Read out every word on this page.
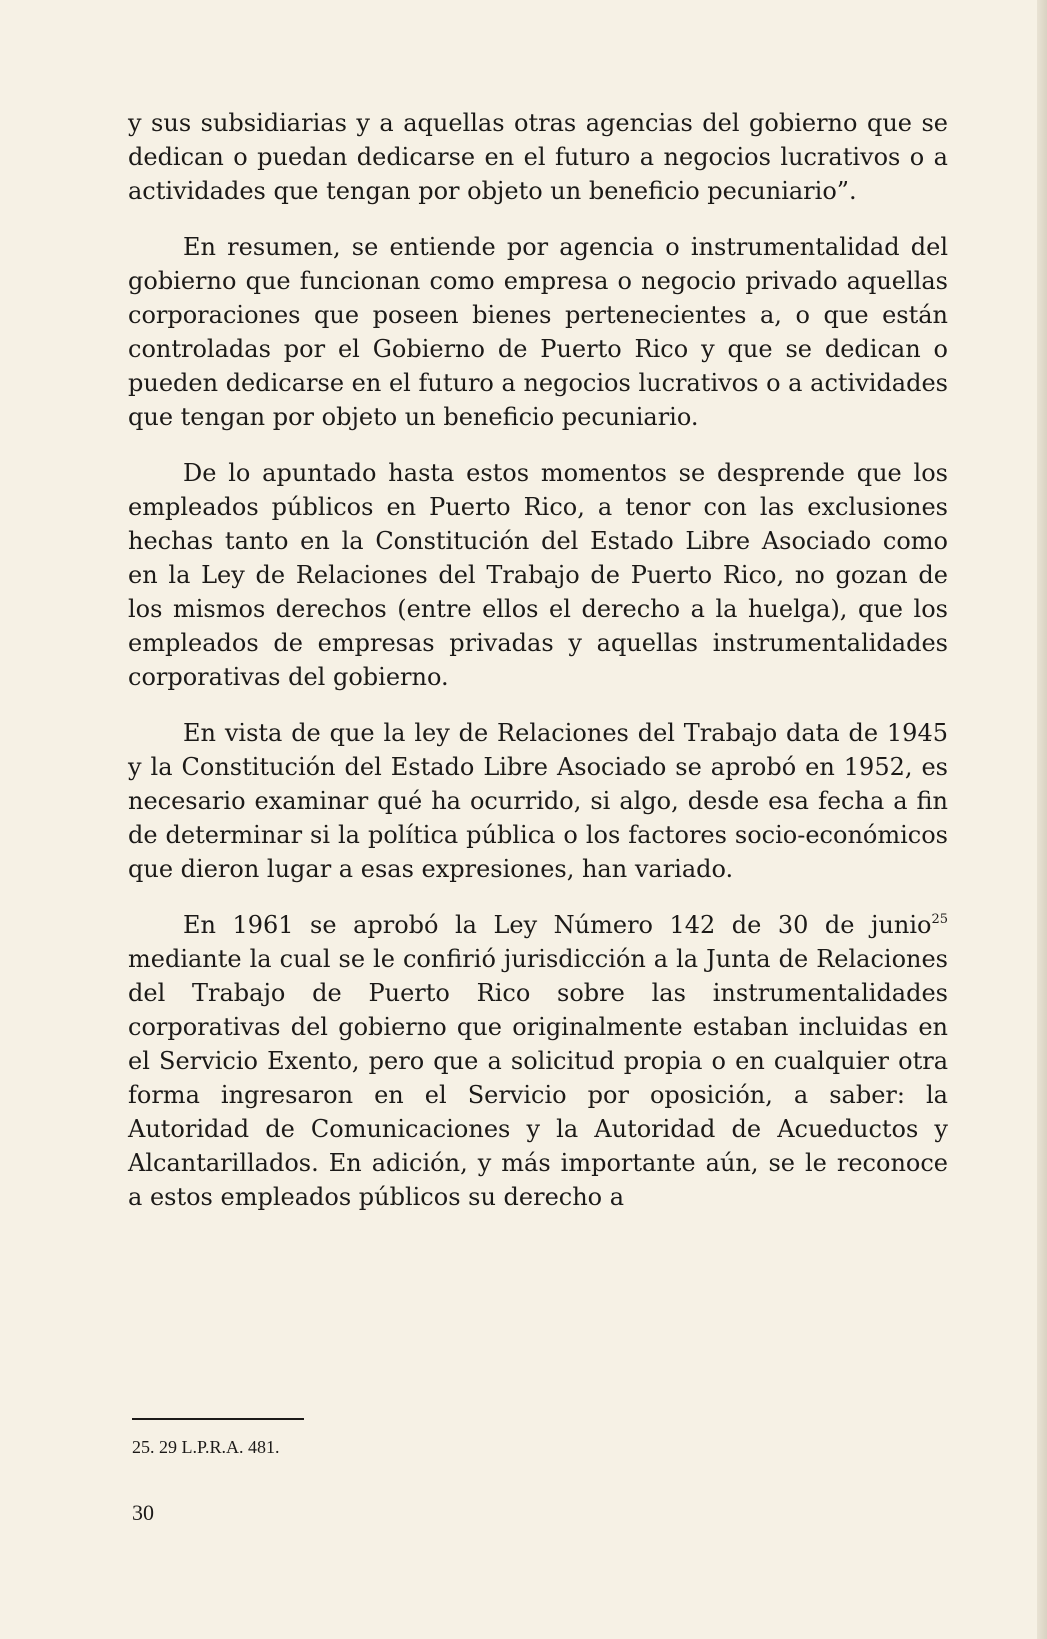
y sus subsidiarias y a aquellas otras agencias del gobierno que se dedican o puedan dedicarse en el futuro a negocios lucrativos o a actividades que tengan por objeto un beneficio pecuniario”.

En resumen, se entiende por agencia o instrumentalidad del gobierno que funcionan como empresa o negocio privado aquellas corporaciones que poseen bienes pertenecientes a, o que están controladas por el Gobierno de Puerto Rico y que se dedican o pueden dedicarse en el futuro a negocios lucrativos o a actividades que tengan por objeto un beneficio pecuniario.

De lo apuntado hasta estos momentos se desprende que los empleados públicos en Puerto Rico, a tenor con las exclusiones hechas tanto en la Constitución del Estado Libre Asociado como en la Ley de Relaciones del Trabajo de Puerto Rico, no gozan de los mismos derechos (entre ellos el derecho a la huelga), que los empleados de empresas privadas y aquellas instrumentalidades corporativas del gobierno.

En vista de que la ley de Relaciones del Trabajo data de 1945 y la Constitución del Estado Libre Asociado se aprobó en 1952, es necesario examinar qué ha ocurrido, si algo, desde esa fecha a fin de determinar si la política pública o los factores socio-económicos que dieron lugar a esas expresiones, han variado.

En 1961 se aprobó la Ley Número 142 de 30 de junio$^{25}$ mediante la cual se le confirió jurisdicción a la Junta de Relaciones del Trabajo de Puerto Rico sobre las instrumentalidades corporativas del gobierno que originalmente estaban incluidas en el Servicio Exento, pero que a solicitud propia o en cualquier otra forma ingresaron en el Servicio por oposición, a saber: la Autoridad de Comunicaciones y la Autoridad de Acueductos y Alcantarillados. En adición, y más importante aún, se le reconoce a estos empleados públicos su derecho a

25. 29 L.P.R.A. 481.
30
